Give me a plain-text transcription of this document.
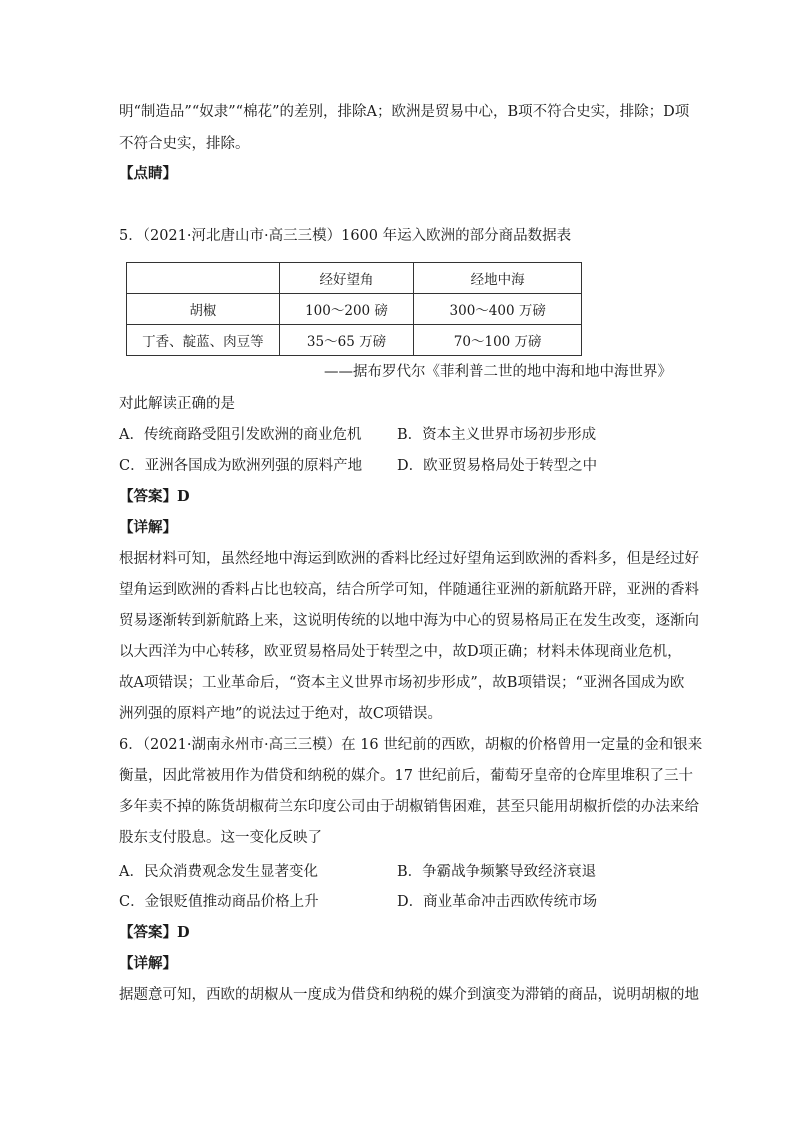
明“制造品”“奴隶”“棉花”的差别，排除A；欧洲是贸易中心，B项不符合史实，排除；D项
不符合史实，排除。
【点睛】
5．（2021·河北唐山市·高三三模）1600 年运入欧洲的部分商品数据表
	经好望角	经地中海
胡椒	100～200 磅	300～400 万磅
丁香、靛蓝、肉豆等	35～65 万磅	70～100 万磅
——据布罗代尔《菲利普二世的地中海和地中海世界》
对此解读正确的是
A．传统商路受阻引发欧洲的商业危机 B．资本主义世界市场初步形成
C．亚洲各国成为欧洲列强的原料产地 D．欧亚贸易格局处于转型之中
【答案】D
【详解】
根据材料可知，虽然经地中海运到欧洲的香料比经过好望角运到欧洲的香料多，但是经过好
望角运到欧洲的香料占比也较高，结合所学可知，伴随通往亚洲的新航路开辟，亚洲的香料
贸易逐渐转到新航路上来，这说明传统的以地中海为中心的贸易格局正在发生改变，逐渐向
以大西洋为中心转移，欧亚贸易格局处于转型之中，故D项正确；材料未体现商业危机，
故A项错误；工业革命后，“资本主义世界市场初步形成”，故B项错误；“亚洲各国成为欧
洲列强的原料产地”的说法过于绝对，故C项错误。
6．（2021·湖南永州市·高三三模）在 16 世纪前的西欧，胡椒的价格曾用一定量的金和银来
衡量，因此常被用作为借贷和纳税的媒介。17 世纪前后，葡萄牙皇帝的仓库里堆积了三十
多年卖不掉的陈货胡椒荷兰东印度公司由于胡椒销售困难，甚至只能用胡椒折偿的办法来给
股东支付股息。这一变化反映了
A．民众消费观念发生显著变化	B．争霸战争频繁导致经济衰退
C．金银贬值推动商品价格上升	D．商业革命冲击西欧传统市场
【答案】D
【详解】
据题意可知，西欧的胡椒从一度成为借贷和纳税的媒介到演变为滞销的商品，说明胡椒的地
